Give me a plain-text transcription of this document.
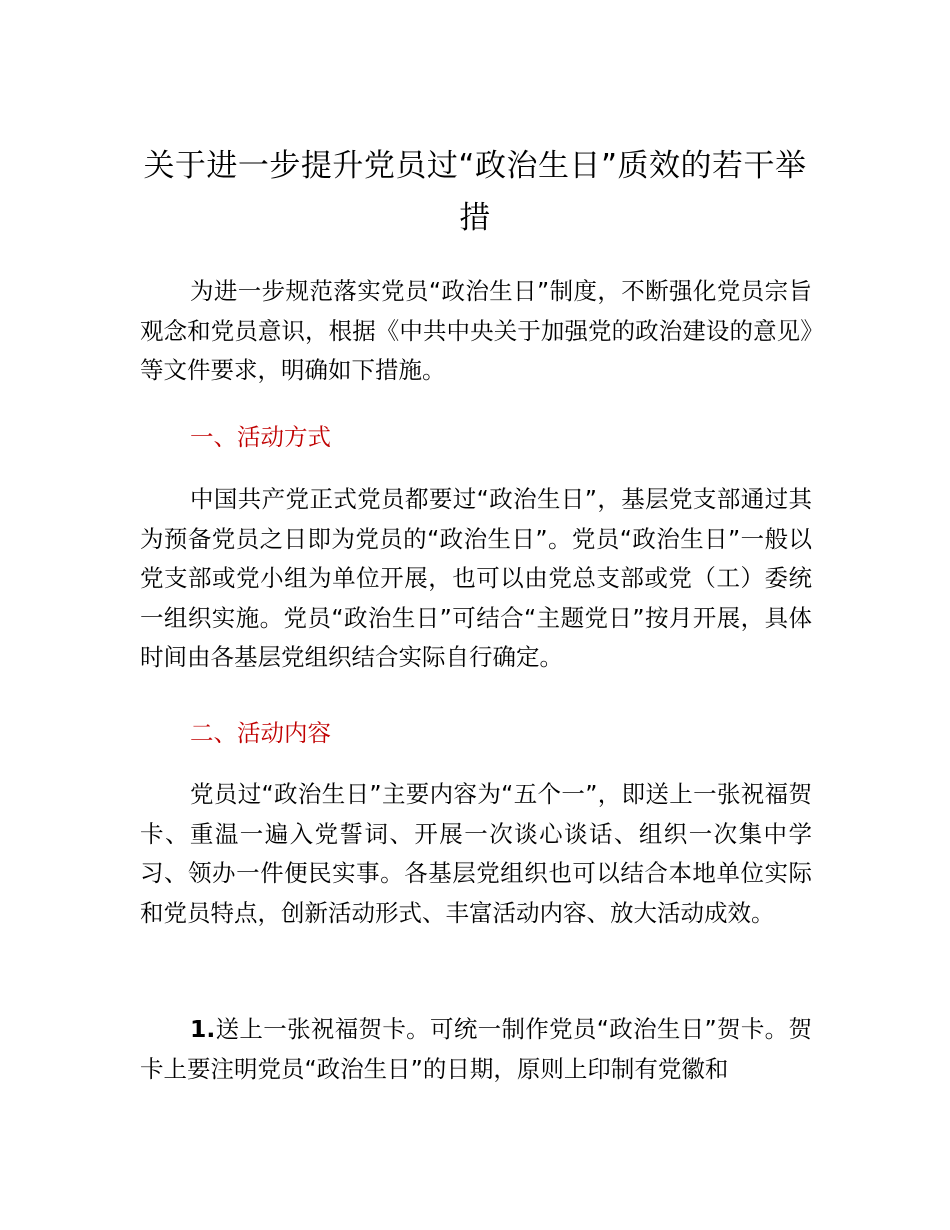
关于进一步提升党员过“政治生日”质效的若干举措

为进一步规范落实党员“政治生日”制度，不断强化党员宗旨观念和党员意识，根据《中共中央关于加强党的政治建设的意见》等文件要求，明确如下措施。

一、活动方式

中国共产党正式党员都要过“政治生日”，基层党支部通过其为预备党员之日即为党员的“政治生日”。党员“政治生日”一般以党支部或党小组为单位开展，也可以由党总支部或党（工）委统一组织实施。党员“政治生日”可结合“主题党日”按月开展，具体时间由各基层党组织结合实际自行确定。

二、活动内容

党员过“政治生日”主要内容为“五个一”，即送上一张祝福贺卡、重温一遍入党誓词、开展一次谈心谈话、组织一次集中学习、领办一件便民实事。各基层党组织也可以结合本地单位实际和党员特点，创新活动形式、丰富活动内容、放大活动成效。

1.送上一张祝福贺卡。可统一制作党员“政治生日”贺卡。贺卡上要注明党员“政治生日”的日期，原则上印制有党徽和
